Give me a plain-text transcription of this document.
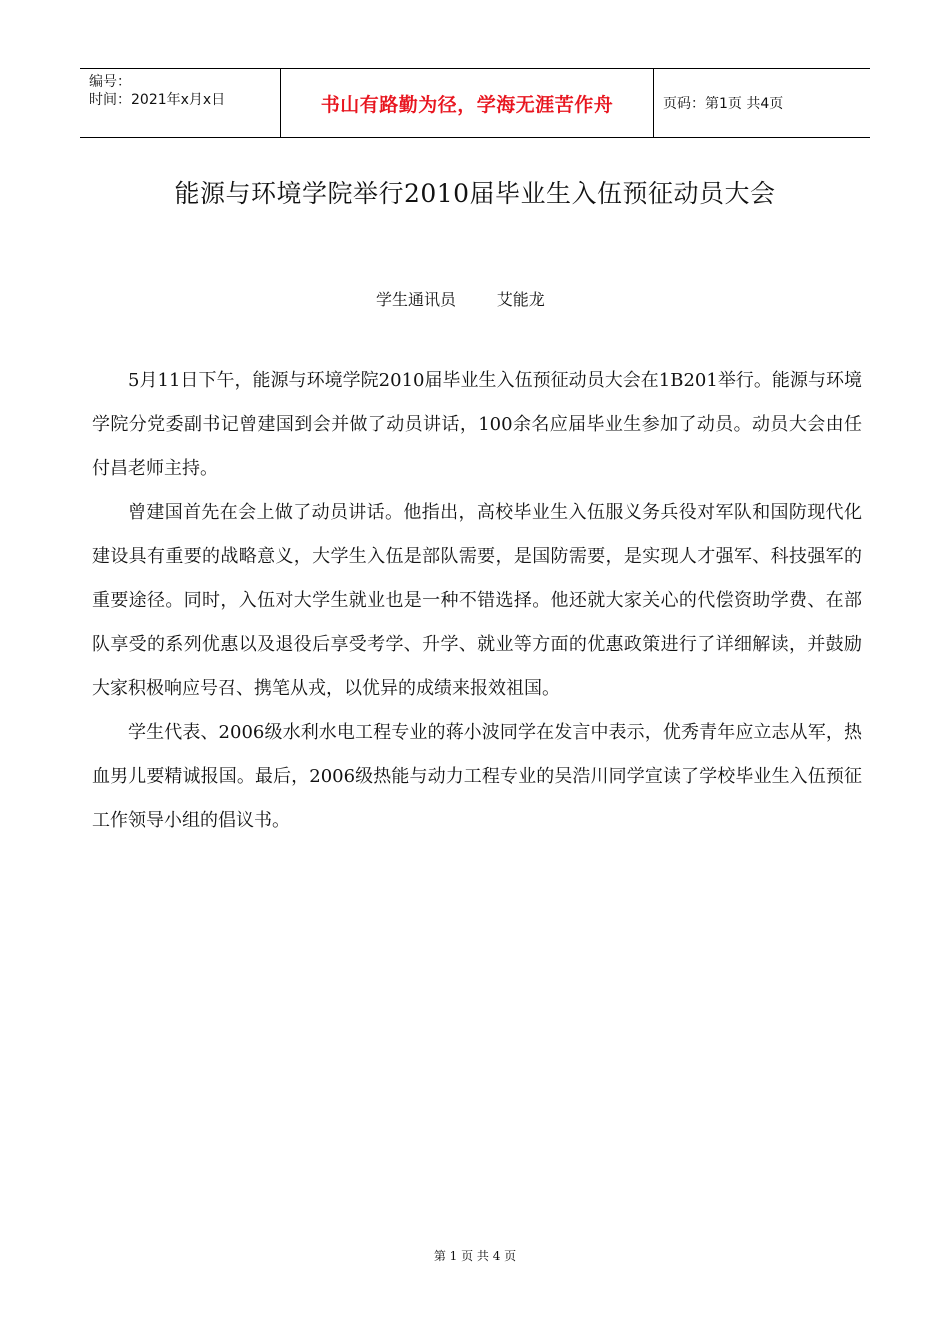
编号：
时间：2021年x月x日	书山有路勤为径，学海无涯苦作舟	页码：第1页 共4页
能源与环境学院举行2010届毕业生入伍预征动员大会
学生通讯员        艾能龙

5月11日下午，能源与环境学院2010届毕业生入伍预征动员大会在1B201举行。能源与环境学院分党委副书记曾建国到会并做了动员讲话，100余名应届毕业生参加了动员。动员大会由任付昌老师主持。

曾建国首先在会上做了动员讲话。他指出，高校毕业生入伍服义务兵役对军队和国防现代化建设具有重要的战略意义，大学生入伍是部队需要，是国防需要，是实现人才强军、科技强军的重要途径。同时，入伍对大学生就业也是一种不错选择。他还就大家关心的代偿资助学费、在部队享受的系列优惠以及退役后享受考学、升学、就业等方面的优惠政策进行了详细解读，并鼓励大家积极响应号召、携笔从戎，以优异的成绩来报效祖国。

学生代表、2006级水利水电工程专业的蒋小波同学在发言中表示，优秀青年应立志从军，热血男儿要精诚报国。最后，2006级热能与动力工程专业的吴浩川同学宣读了学校毕业生入伍预征工作领导小组的倡议书。

第 1 页 共 4 页
